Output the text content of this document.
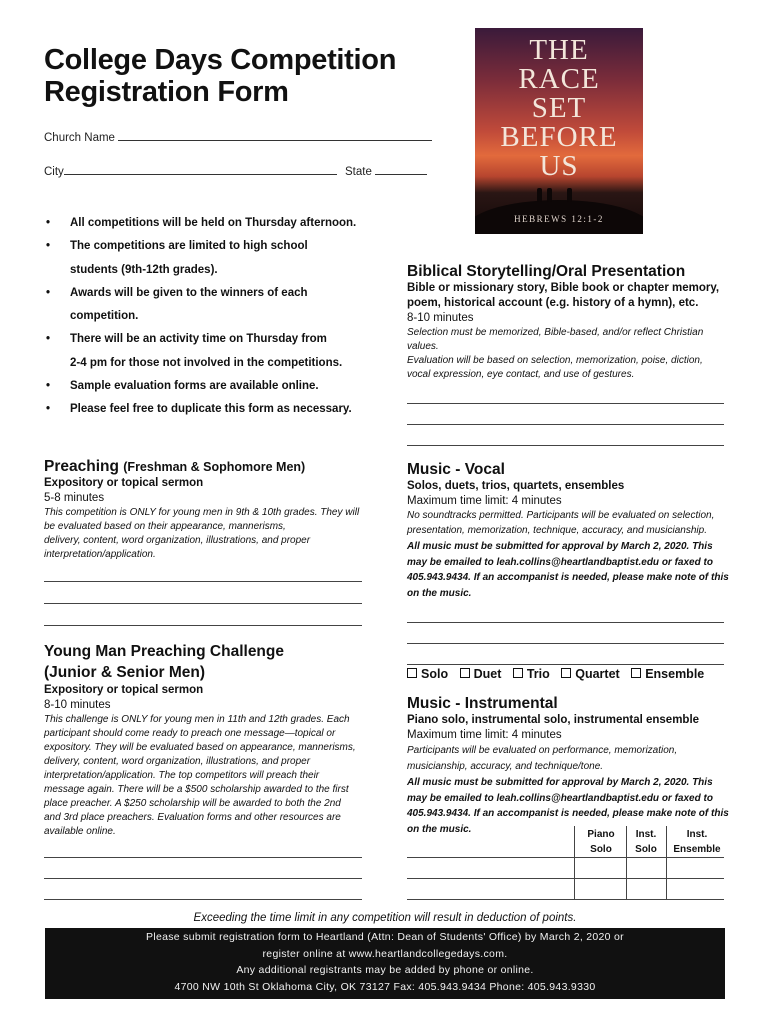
College Days Competition
Registration Form
Church Name
City	State
THE
RACE
SET
BEFORE
US
HEBREWS 12:1-2
• All competitions will be held on Thursday afternoon.
• The competitions are limited to high school
students (9th-12th grades).
• Awards will be given to the winners of each
competition.
• There will be an activity time on Thursday from
2-4 pm for those not involved in the competitions.
• Sample evaluation forms are available online.
• Please feel free to duplicate this form as necessary.
Preaching (Freshman & Sophomore Men)
Expository or topical sermon
5-8 minutes
This competition is ONLY for young men in 9th & 10th grades. They will
be evaluated based on their appearance, mannerisms,
delivery, content, word organization, illustrations, and proper
interpretation/application.
Young Man Preaching Challenge
(Junior & Senior Men)
Expository or topical sermon
8-10 minutes
This challenge is ONLY for young men in 11th and 12th grades. Each
participant should come ready to preach one message—topical or
expository. They will be evaluated based on appearance, mannerisms,
delivery, content, word organization, illustrations, and proper
interpretation/application. The top competitors will preach their
message again. There will be a $500 scholarship awarded to the first
place preacher. A $250 scholarship will be awarded to both the 2nd
and 3rd place preachers. Evaluation forms and other resources are
available online.
Biblical Storytelling/Oral Presentation
Bible or missionary story, Bible book or chapter memory,
poem, historical account (e.g. history of a hymn), etc.
8-10 minutes
Selection must be memorized, Bible-based, and/or reflect Christian
values.
Evaluation will be based on selection, memorization, poise, diction,
vocal expression, eye contact, and use of gestures.
Music - Vocal
Solos, duets, trios, quartets, ensembles
Maximum time limit: 4 minutes
No soundtracks permitted. Participants will be evaluated on selection,
presentation, memorization, technique, accuracy, and musicianship.
All music must be submitted for approval by March 2, 2020. This
may be emailed to leah.collins@heartlandbaptist.edu or faxed to
405.943.9434. If an accompanist is needed, please make note of this
on the music.
Solo Duet Trio Quartet Ensemble
Music - Instrumental
Piano solo, instrumental solo, instrumental ensemble
Maximum time limit: 4 minutes
Participants will be evaluated on performance, memorization,
musicianship, accuracy, and technique/tone.
All music must be submitted for approval by March 2, 2020. This
may be emailed to leah.collins@heartlandbaptist.edu or faxed to
405.943.9434. If an accompanist is needed, please make note of this
on the music.	Piano
Solo
Inst.
Solo
Inst.
Ensemble
Exceeding the time limit in any competition will result in deduction of points.
Please submit registration form to Heartland (Attn: Dean of Students' Office) by March 2, 2020 or
register online at www.heartlandcollegedays.com.
Any additional registrants may be added by phone or online.
4700 NW 10th St Oklahoma City, OK 73127 Fax: 405.943.9434 Phone: 405.943.9330
